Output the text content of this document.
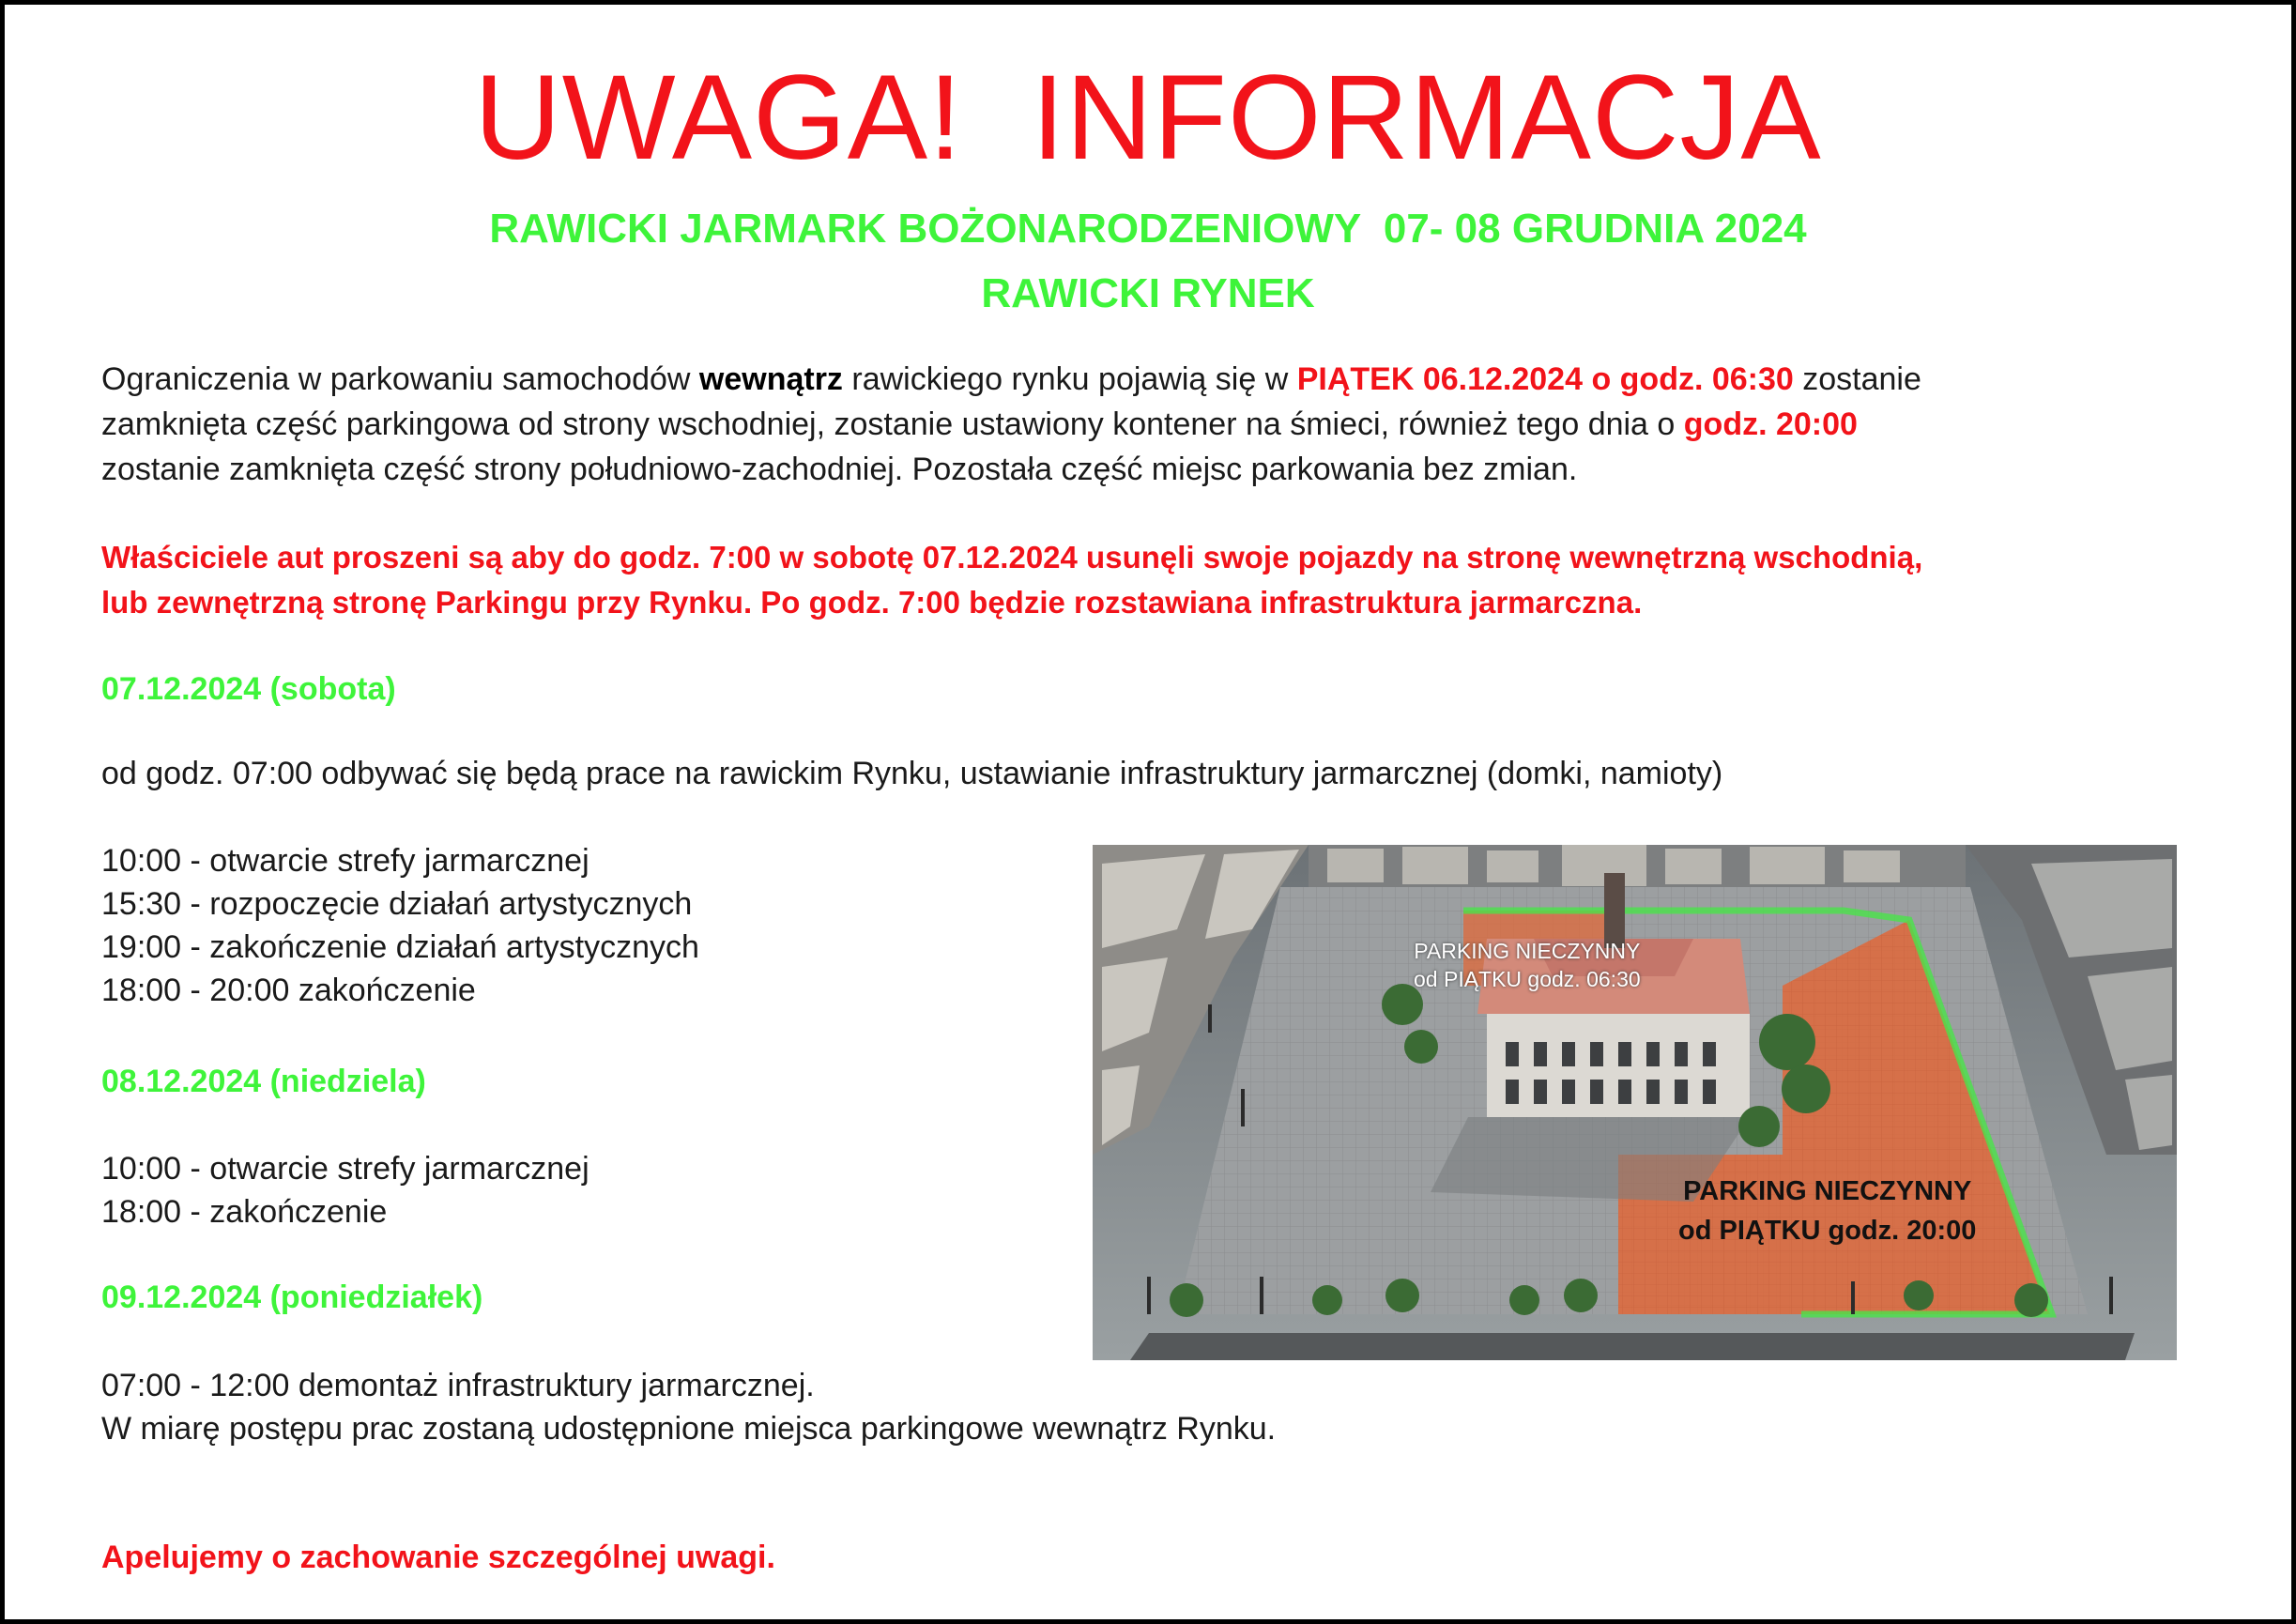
UWAGA!  INFORMACJA
RAWICKI JARMARK BOŻONARODZENIOWY  07- 08 GRUDNIA 2024
RAWICKI RYNEK
Ograniczenia w parkowaniu samochodów wewnątrz rawickiego rynku pojawią się w PIĄTEK 06.12.2024 o godz. 06:30 zostanie
zamknięta część parkingowa od strony wschodniej, zostanie ustawiony kontener na śmieci, również tego dnia o godz. 20:00
zostanie zamknięta część strony południowo-zachodniej. Pozostała część miejsc parkowania bez zmian.
Właściciele aut proszeni są aby do godz. 7:00 w sobotę 07.12.2024 usunęli swoje pojazdy na stronę wewnętrzną wschodnią,
lub zewnętrzną stronę Parkingu przy Rynku. Po godz. 7:00 będzie rozstawiana infrastruktura jarmarczna.
07.12.2024 (sobota)
od godz. 07:00 odbywać się będą prace na rawickim Rynku, ustawianie infrastruktury jarmarcznej (domki, namioty)
10:00 - otwarcie strefy jarmarcznej
15:30 - rozpoczęcie działań artystycznych
19:00 - zakończenie działań artystycznych
18:00 - 20:00 zakończenie
08.12.2024 (niedziela)
10:00 - otwarcie strefy jarmarcznej
18:00 - zakończenie
09.12.2024 (poniedziałek)
07:00 - 12:00 demontaż infrastruktury jarmarcznej.
W miarę postępu prac zostaną udostępnione miejsca parkingowe wewnątrz Rynku.
Apelujemy o zachowanie szczególnej uwagi.
PARKING NIECZYNNY
od PIĄTKU godz. 06:30
PARKING NIECZYNNY
od PIĄTKU godz. 20:00
